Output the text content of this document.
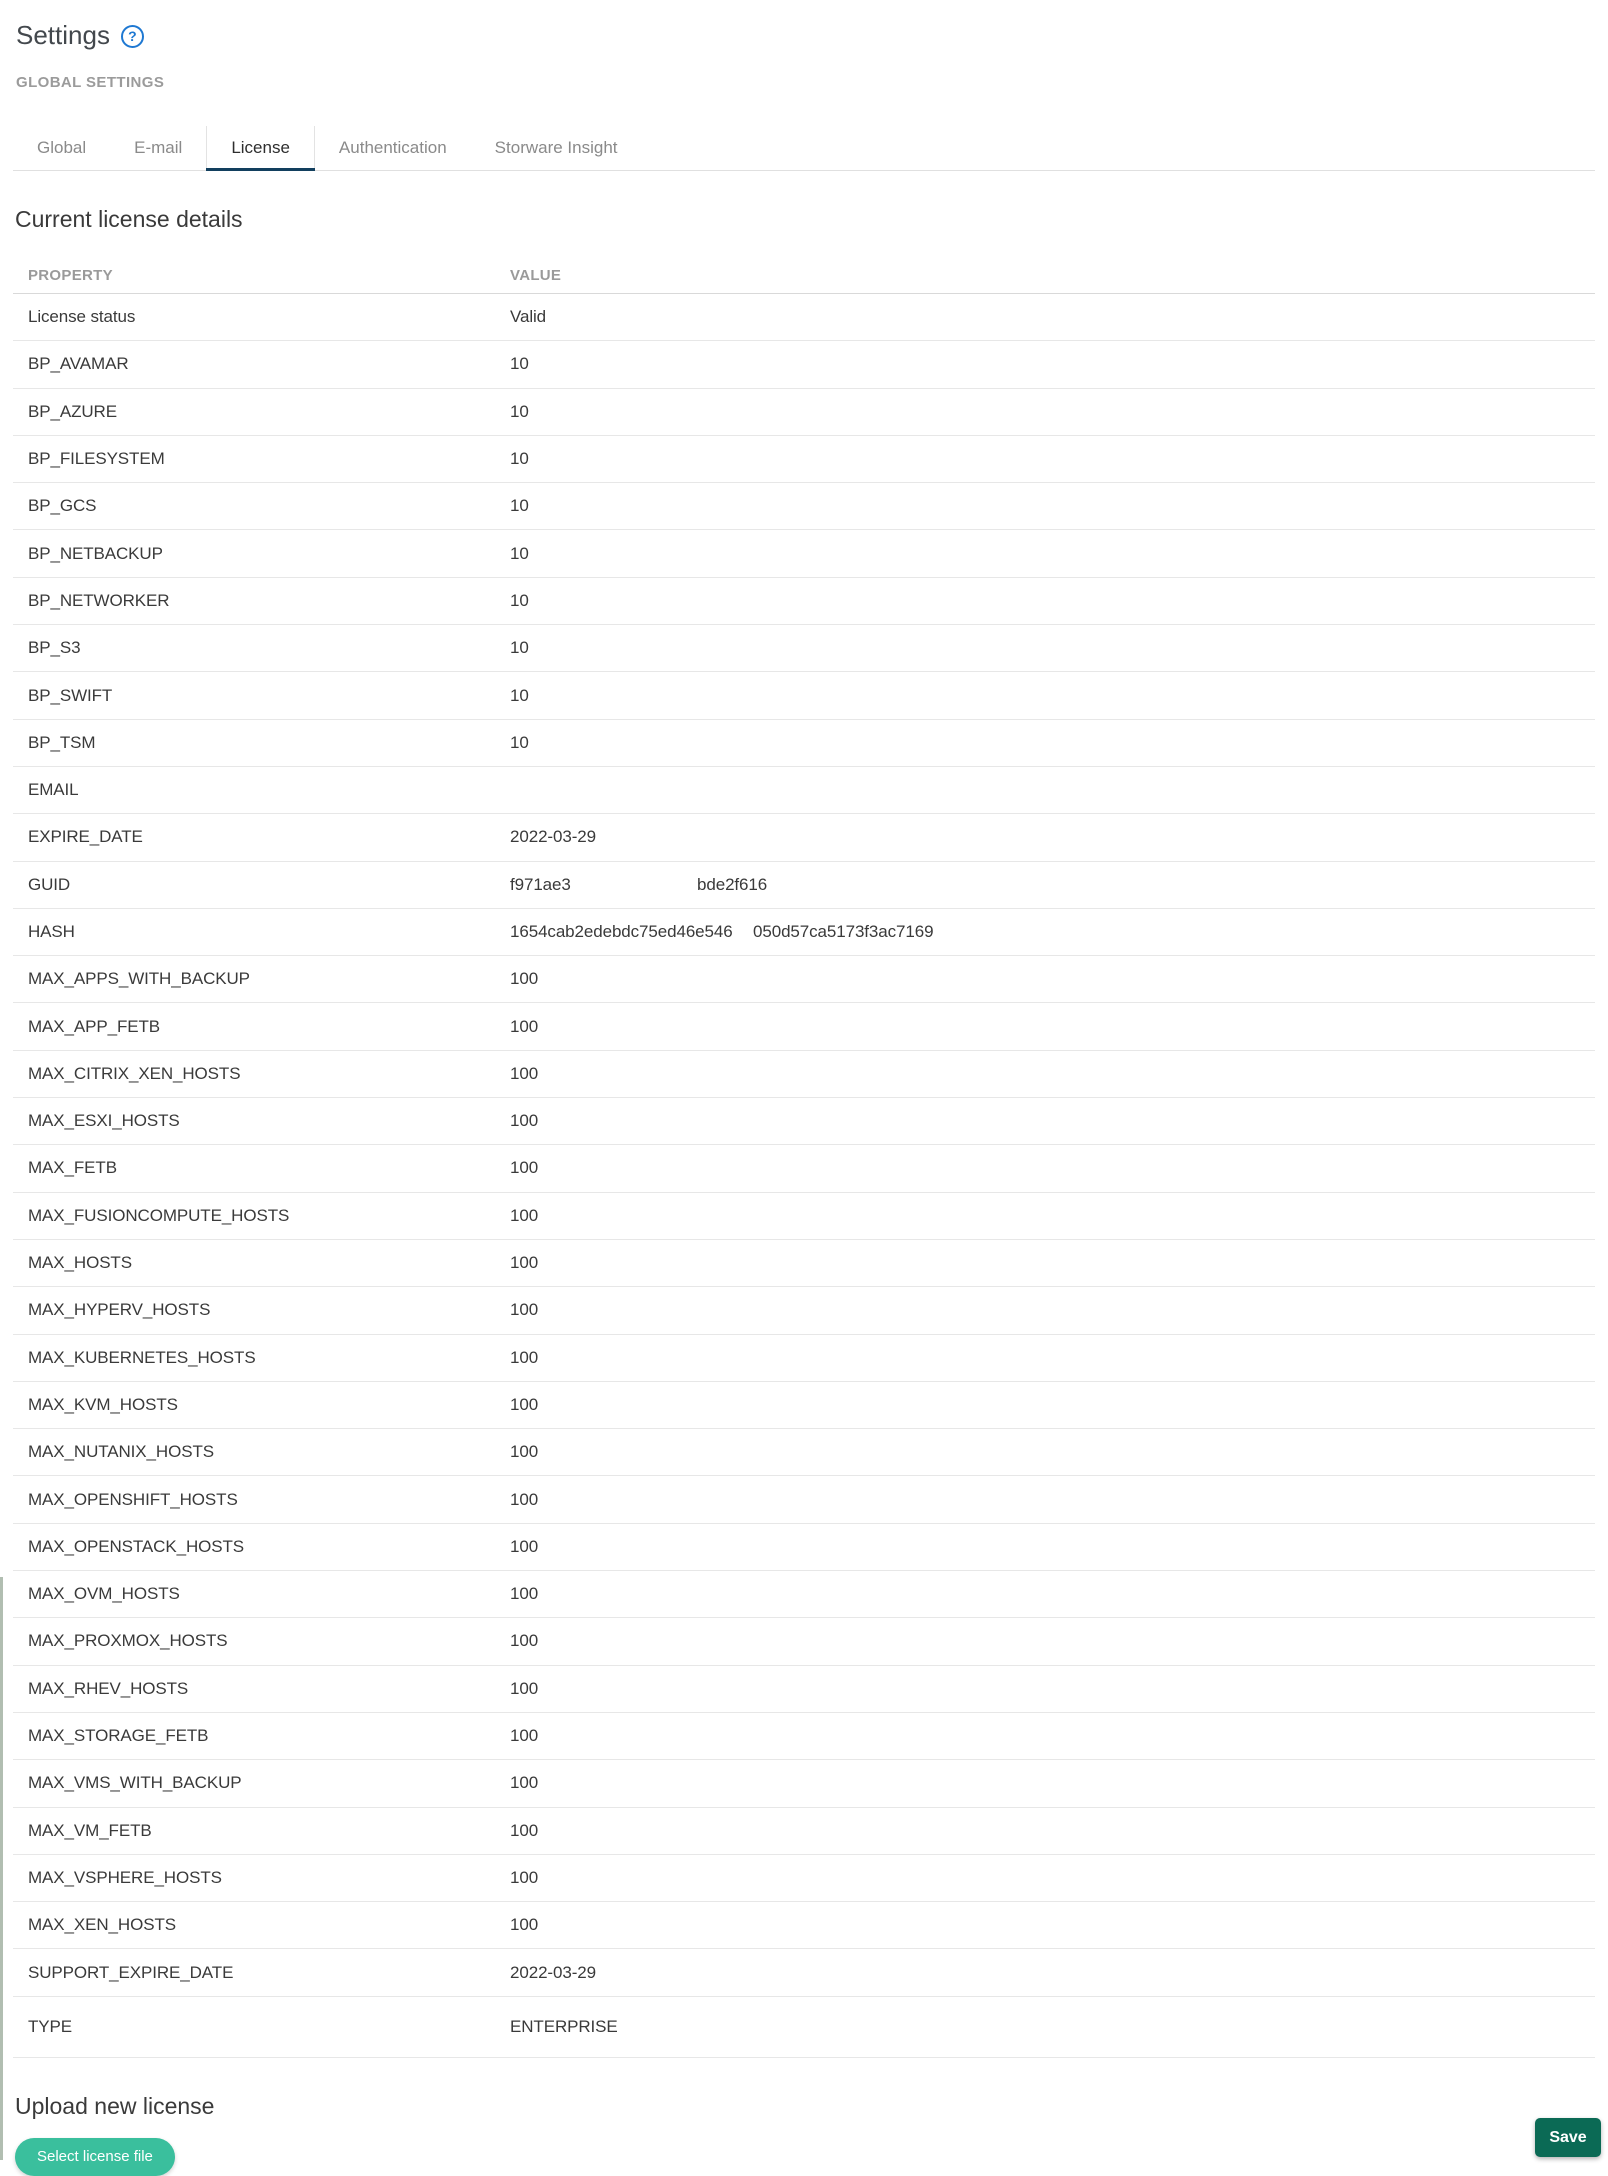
Settings	?
GLOBAL SETTINGS
Global	E-mail	License	Authentication	Storware Insight
Current license details
PROPERTY	VALUE
License status	Valid
BP_AVAMAR	10
BP_AZURE	10
BP_FILESYSTEM	10
BP_GCS	10
BP_NETBACKUP	10
BP_NETWORKER	10
BP_S3	10
BP_SWIFT	10
BP_TSM	10
EMAIL
EXPIRE_DATE	2022-03-29
GUID	f971ae3	bde2f616
HASH	1654cab2edebdc75ed46e546 050d57ca5173f3ac7169
MAX_APPS_WITH_BACKUP	100
MAX_APP_FETB	100
MAX_CITRIX_XEN_HOSTS	100
MAX_ESXI_HOSTS	100
MAX_FETB	100
MAX_FUSIONCOMPUTE_HOSTS	100
MAX_HOSTS	100
MAX_HYPERV_HOSTS	100
MAX_KUBERNETES_HOSTS	100
MAX_KVM_HOSTS	100
MAX_NUTANIX_HOSTS	100
MAX_OPENSHIFT_HOSTS	100
MAX_OPENSTACK_HOSTS	100
MAX_OVM_HOSTS	100
MAX_PROXMOX_HOSTS	100
MAX_RHEV_HOSTS	100
MAX_STORAGE_FETB	100
MAX_VMS_WITH_BACKUP	100
MAX_VM_FETB	100
MAX_VSPHERE_HOSTS	100
MAX_XEN_HOSTS	100
SUPPORT_EXPIRE_DATE	2022-03-29
TYPE	ENTERPRISE
Upload new license
Select license file
Save
